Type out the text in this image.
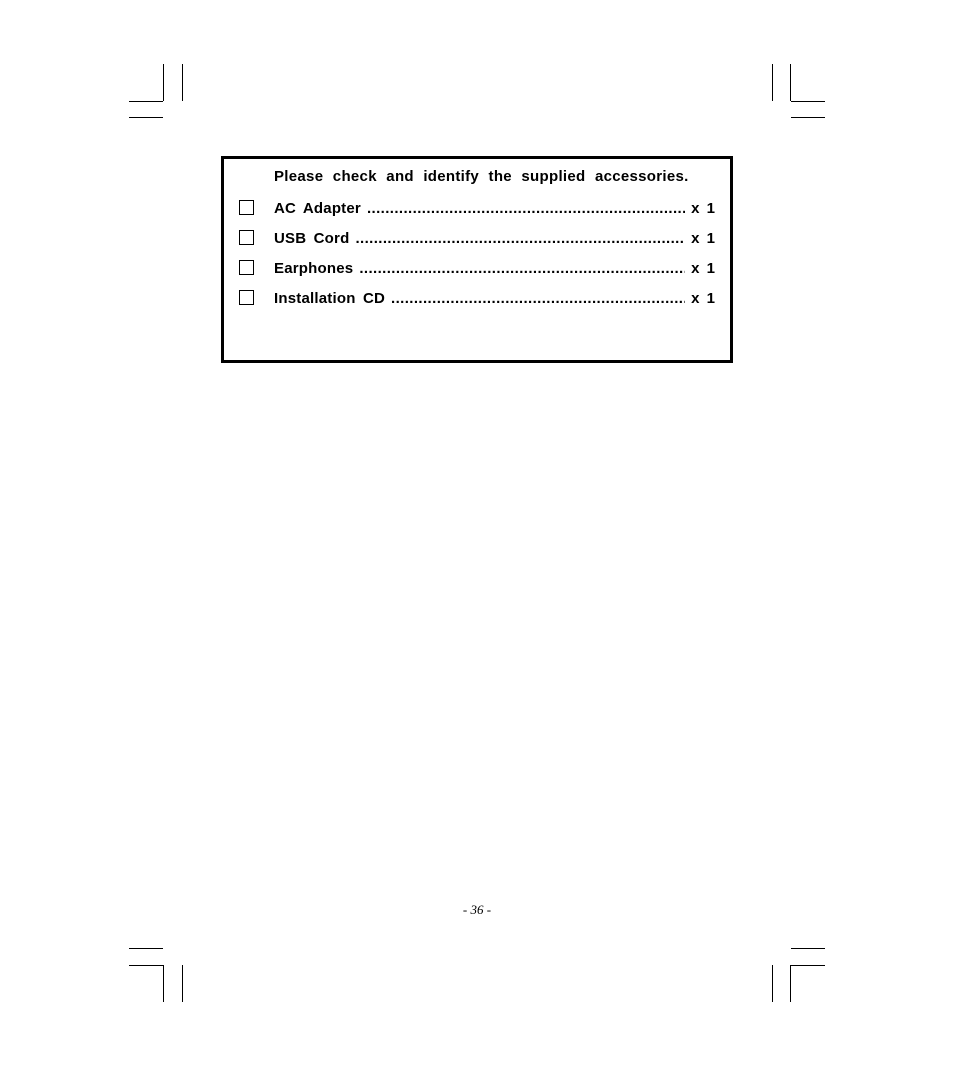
Please check and identify the supplied accessories.
AC Adapter .....	x 1
USB Cord .....	x 1
Earphones .....	x 1
Installation CD .....	x 1
- 36 -
